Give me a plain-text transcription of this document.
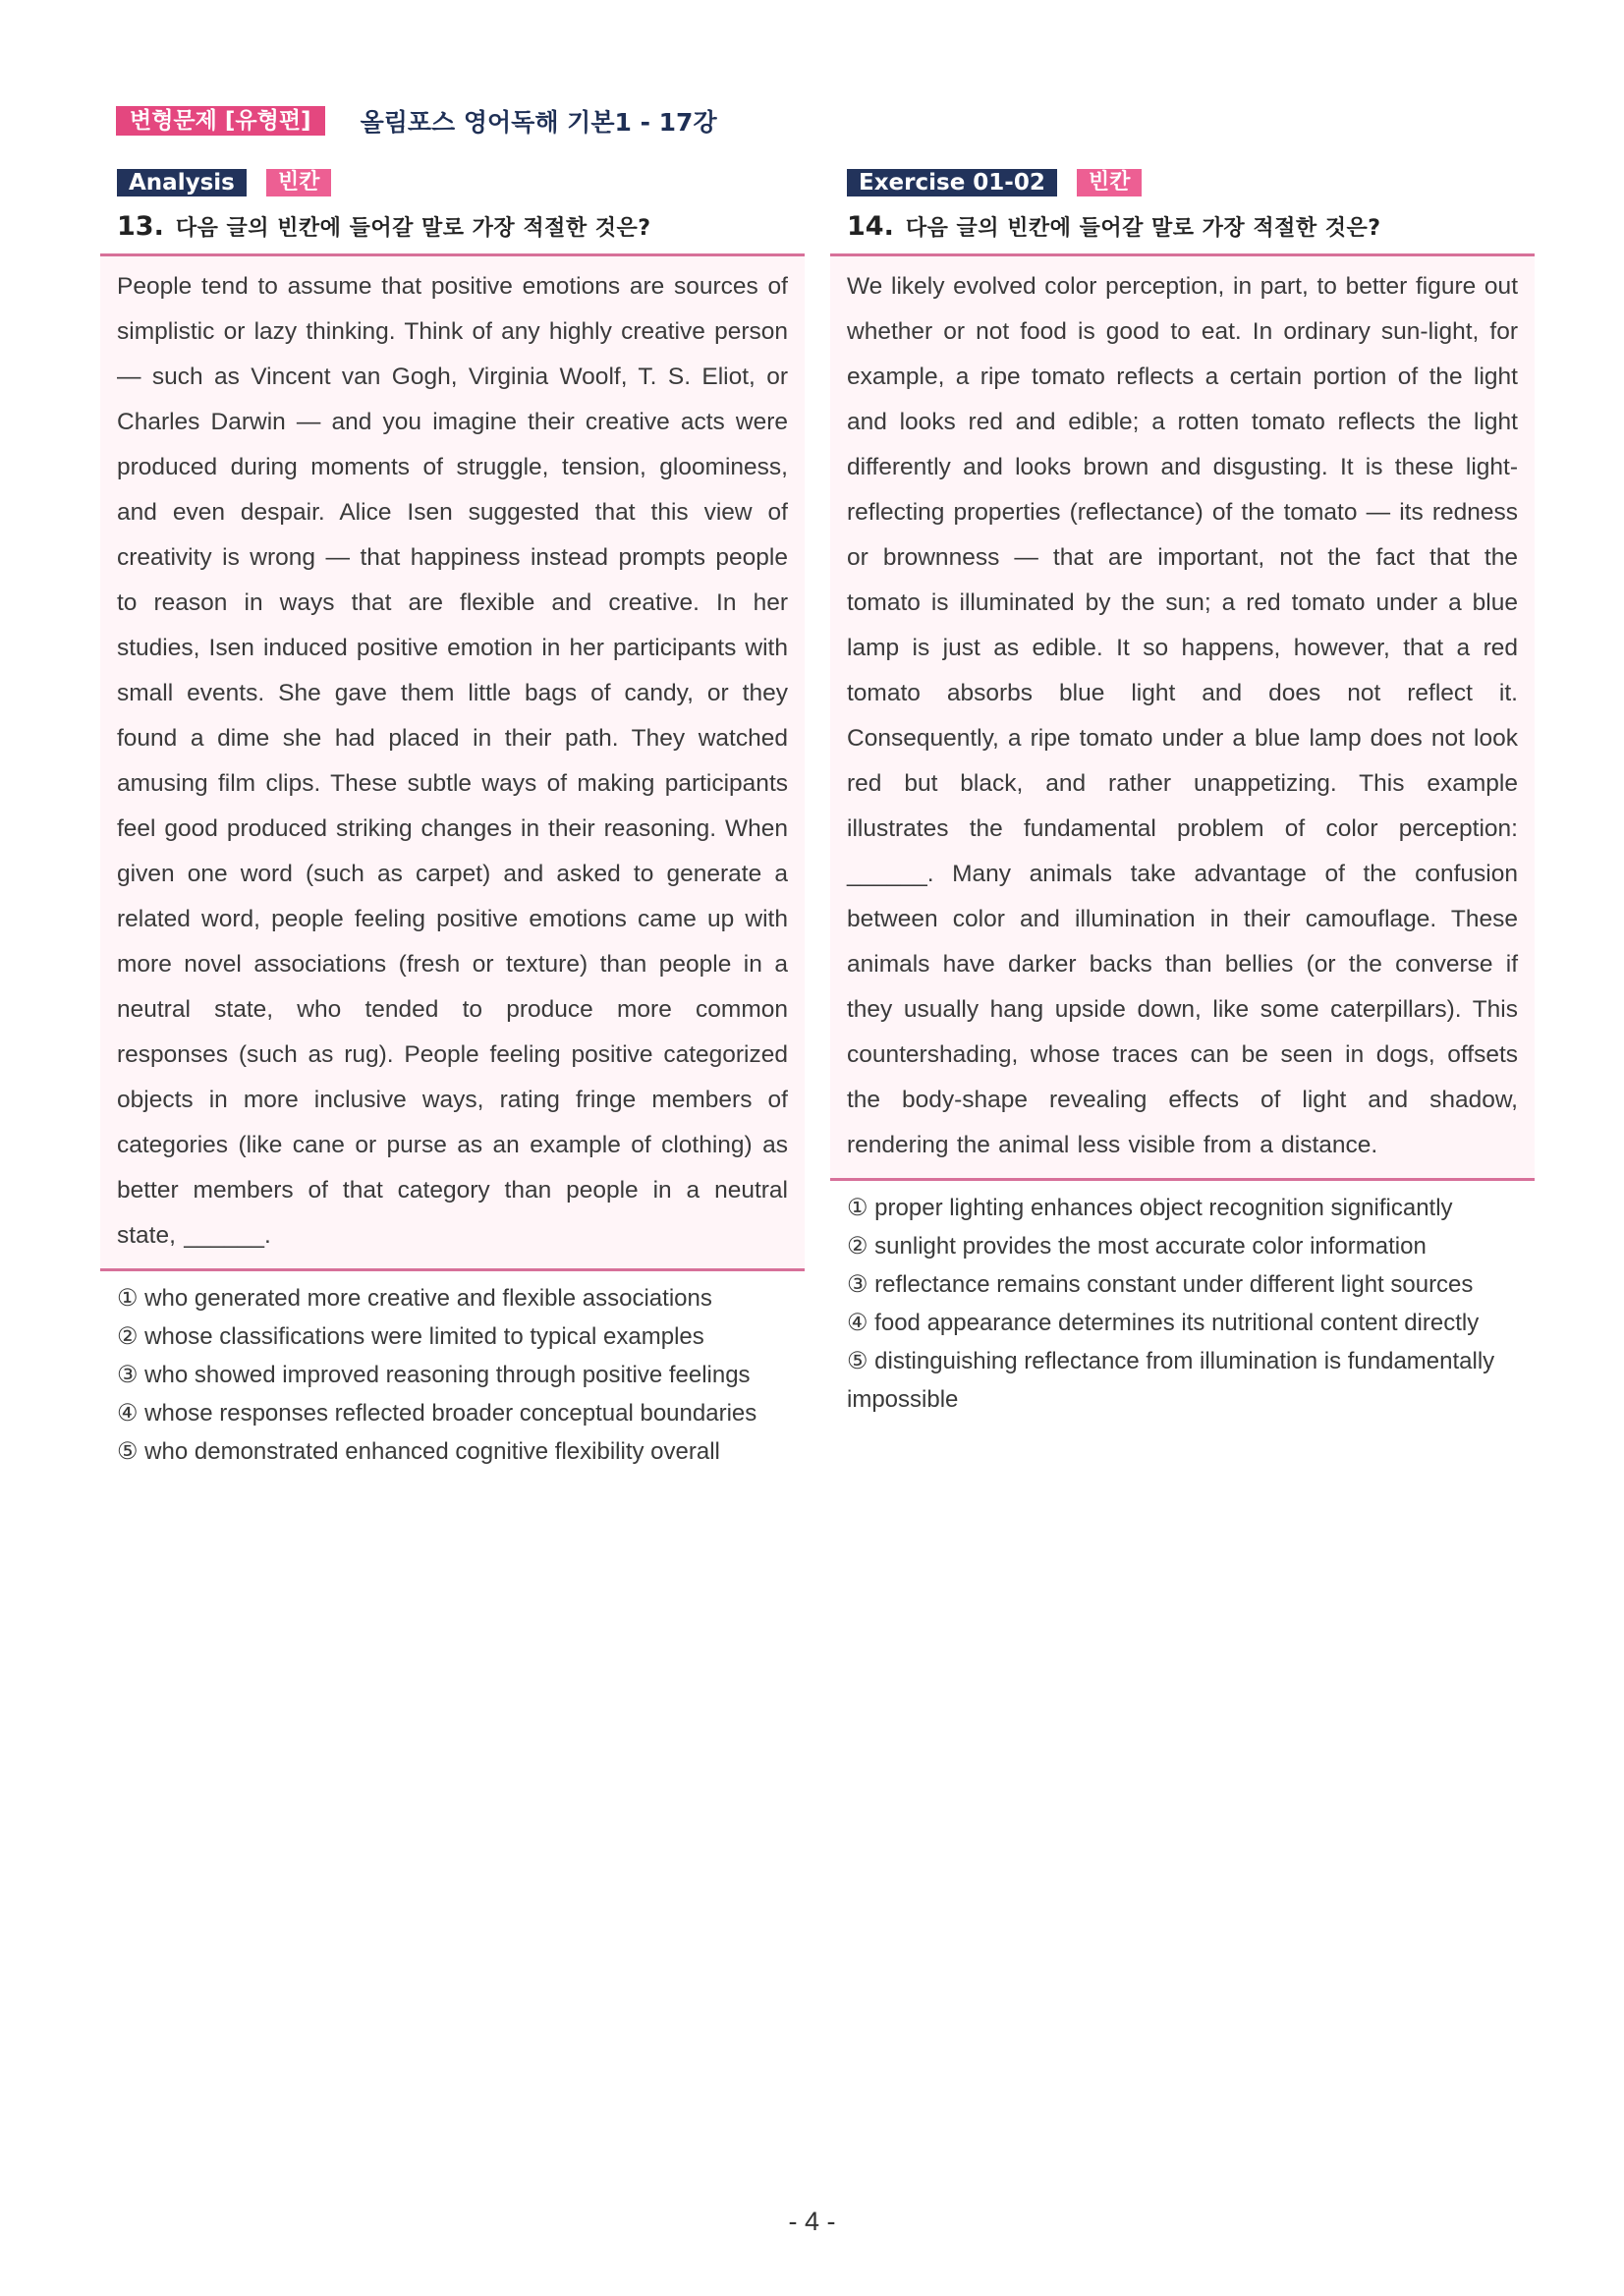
변형문제 [유형편]	올림포스 영어독해 기본1 - 17강
Analysis	빈칸
13. 다음 글의 빈칸에 들어갈 말로 가장 적절한 것은?
People tend to assume that positive emotions are sources of simplistic or lazy thinking. Think of any highly creative person — such as Vincent van Gogh, Virginia Woolf, T. S. Eliot, or Charles Darwin — and you imagine their creative acts were produced during moments of struggle, tension, gloominess, and even despair. Alice Isen suggested that this view of creativity is wrong — that happiness instead prompts people to reason in ways that are flexible and creative. In her studies, Isen induced positive emotion in her participants with small events. She gave them little bags of candy, or they found a dime she had placed in their path. They watched amusing film clips. These subtle ways of making participants feel good produced striking changes in their reasoning. When given one word (such as carpet) and asked to generate a related word, people feeling positive emotions came up with more novel associations (fresh or texture) than people in a neutral state, who tended to produce more common responses (such as rug). People feeling positive categorized objects in more inclusive ways, rating fringe members of categories (like cane or purse as an example of clothing) as better members of that category than people in a neutral state, ______.
① who generated more creative and flexible associations
② whose classifications were limited to typical examples
③ who showed improved reasoning through positive feelings
④ whose responses reflected broader conceptual boundaries
⑤ who demonstrated enhanced cognitive flexibility overall
Exercise 01-02	빈칸
14. 다음 글의 빈칸에 들어갈 말로 가장 적절한 것은?
We likely evolved color perception, in part, to better figure out whether or not food is good to eat. In ordinary sun-light, for example, a ripe tomato reflects a certain portion of the light and looks red and edible; a rotten tomato reflects the light differently and looks brown and disgusting. It is these light-reflecting properties (reflectance) of the tomato — its redness or brownness — that are important, not the fact that the tomato is illuminated by the sun; a red tomato under a blue lamp is just as edible. It so happens, however, that a red tomato absorbs blue light and does not reflect it. Consequently, a ripe tomato under a blue lamp does not look red but black, and rather unappetizing. This example illustrates the fundamental problem of color perception: ______. Many animals take advantage of the confusion between color and illumination in their camouflage. These animals have darker backs than bellies (or the converse if they usually hang upside down, like some caterpillars). This countershading, whose traces can be seen in dogs, offsets the body-shape revealing effects of light and shadow, rendering the animal less visible from a distance.
① proper lighting enhances object recognition significantly
② sunlight provides the most accurate color information
③ reflectance remains constant under different light sources
④ food appearance determines its nutritional content directly
⑤ distinguishing reflectance from illumination is fundamentally impossible
- 4 -
